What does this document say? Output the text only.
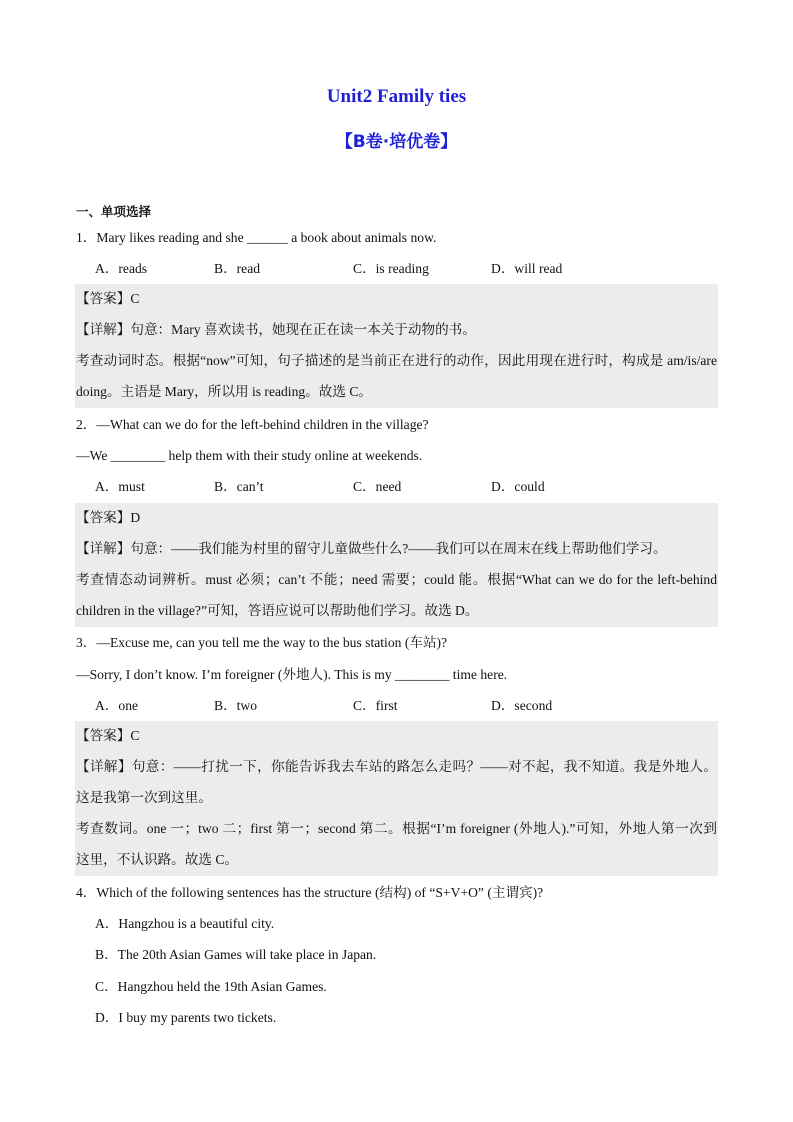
Unit2 Family ties
【B卷·培优卷】
一、单项选择
1．Mary likes reading and she ______ a book about animals now.
A．reads	B．read	C．is reading	D．will read
【答案】C
【详解】句意：Mary 喜欢读书，她现在正在读一本关于动物的书。
考查动词时态。根据“now”可知，句子描述的是当前正在进行的动作，因此用现在进行时，构成是 am/is/are
doing。主语是 Mary，所以用 is reading。故选 C。
2．—What can we do for the left-behind children in the village?
—We ________ help them with their study online at weekends.
A．must	B．can’t	C．need	D．could
【答案】D
【详解】句意：——我们能为村里的留守儿童做些什么?——我们可以在周末在线上帮助他们学习。
考查情态动词辨析。must 必须；can’t 不能；need 需要；could 能。根据“What can we do for the left-behind
children in the village?”可知，答语应说可以帮助他们学习。故选 D。
3．—Excuse me, can you tell me the way to the bus station (车站)?
—Sorry, I don’t know. I’m foreigner (外地人). This is my ________ time here.
A．one	B．two	C．first	D．second
【答案】C
【详解】句意：——打扰一下，你能告诉我去车站的路怎么走吗？——对不起，我不知道。我是外地人。
这是我第一次到这里。
考查数词。one 一；two 二；first 第一；second 第二。根据“I’m foreigner (外地人).”可知，外地人第一次到
这里，不认识路。故选 C。
4．Which of the following sentences has the structure (结构) of “S+V+O” (主谓宾)?
A．Hangzhou is a beautiful city.
B．The 20th Asian Games will take place in Japan.
C．Hangzhou held the 19th Asian Games.
D．I buy my parents two tickets.
